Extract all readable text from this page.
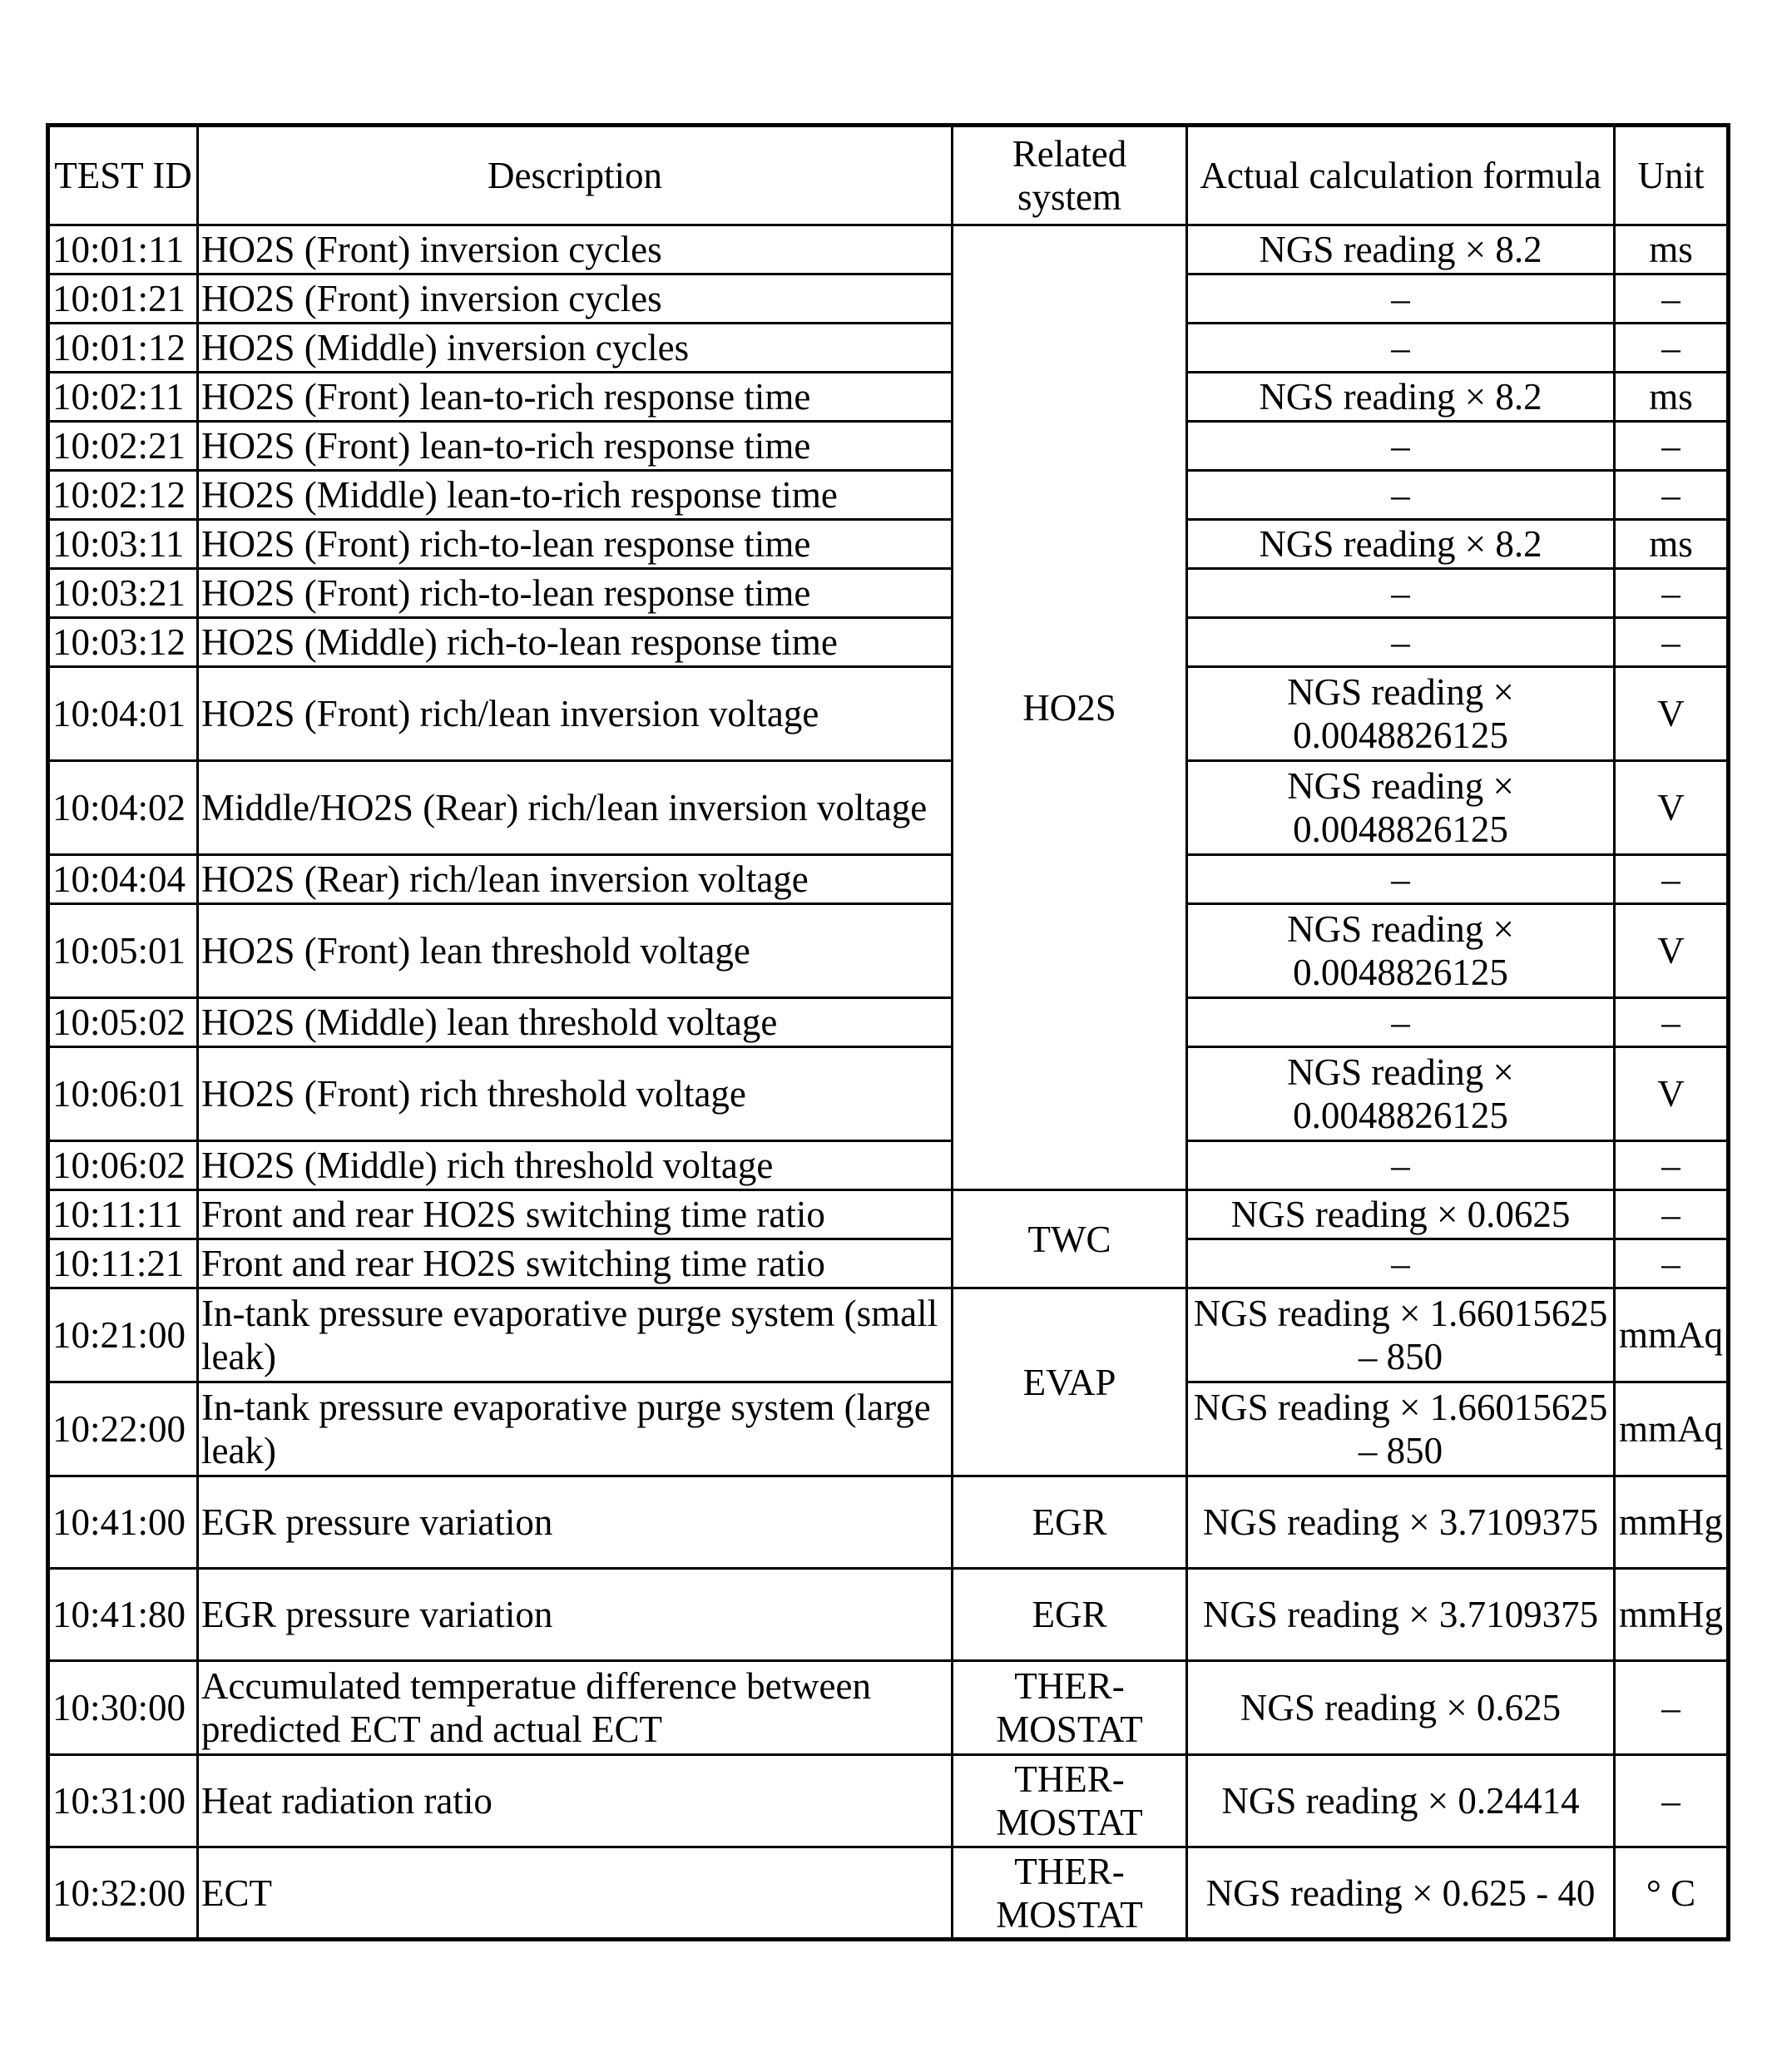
TEST ID	Description	Related system	Actual calculation formula	Unit
10:01:11	HO2S (Front) inversion cycles	HO2S	NGS reading × 8.2	ms
10:01:21	HO2S (Front) inversion cycles		–	–
10:01:12	HO2S (Middle) inversion cycles		–	–
10:02:11	HO2S (Front) lean-to-rich response time		NGS reading × 8.2	ms
10:02:21	HO2S (Front) lean-to-rich response time		–	–
10:02:12	HO2S (Middle) lean-to-rich response time		–	–
10:03:11	HO2S (Front) rich-to-lean response time		NGS reading × 8.2	ms
10:03:21	HO2S (Front) rich-to-lean response time		–	–
10:03:12	HO2S (Middle) rich-to-lean response time		–	–
10:04:01	HO2S (Front) rich/lean inversion voltage		NGS reading × 0.0048826125	V
10:04:02	Middle/HO2S (Rear) rich/lean inversion voltage		NGS reading × 0.0048826125	V
10:04:04	HO2S (Rear) rich/lean inversion voltage		–	–
10:05:01	HO2S (Front) lean threshold voltage		NGS reading × 0.0048826125	V
10:05:02	HO2S (Middle) lean threshold voltage		–	–
10:06:01	HO2S (Front) rich threshold voltage		NGS reading × 0.0048826125	V
10:06:02	HO2S (Middle) rich threshold voltage		–	–
10:11:11	Front and rear HO2S switching time ratio	TWC	NGS reading × 0.0625	–
10:11:21	Front and rear HO2S switching time ratio		–	–
10:21:00	In-tank pressure evaporative purge system (small leak)	EVAP	NGS reading × 1.66015625 – 850	mmAq
10:22:00	In-tank pressure evaporative purge system (large leak)		NGS reading × 1.66015625 – 850	mmAq
10:41:00	EGR pressure variation	EGR	NGS reading × 3.7109375	mmHg
10:41:80	EGR pressure variation	EGR	NGS reading × 3.7109375	mmHg
10:30:00	Accumulated temperatue difference between predicted ECT and actual ECT	THER- MOSTAT	NGS reading × 0.625	–
10:31:00	Heat radiation ratio	THER- MOSTAT	NGS reading × 0.24414	–
10:32:00	ECT	THER- MOSTAT	NGS reading × 0.625 - 40	° C
